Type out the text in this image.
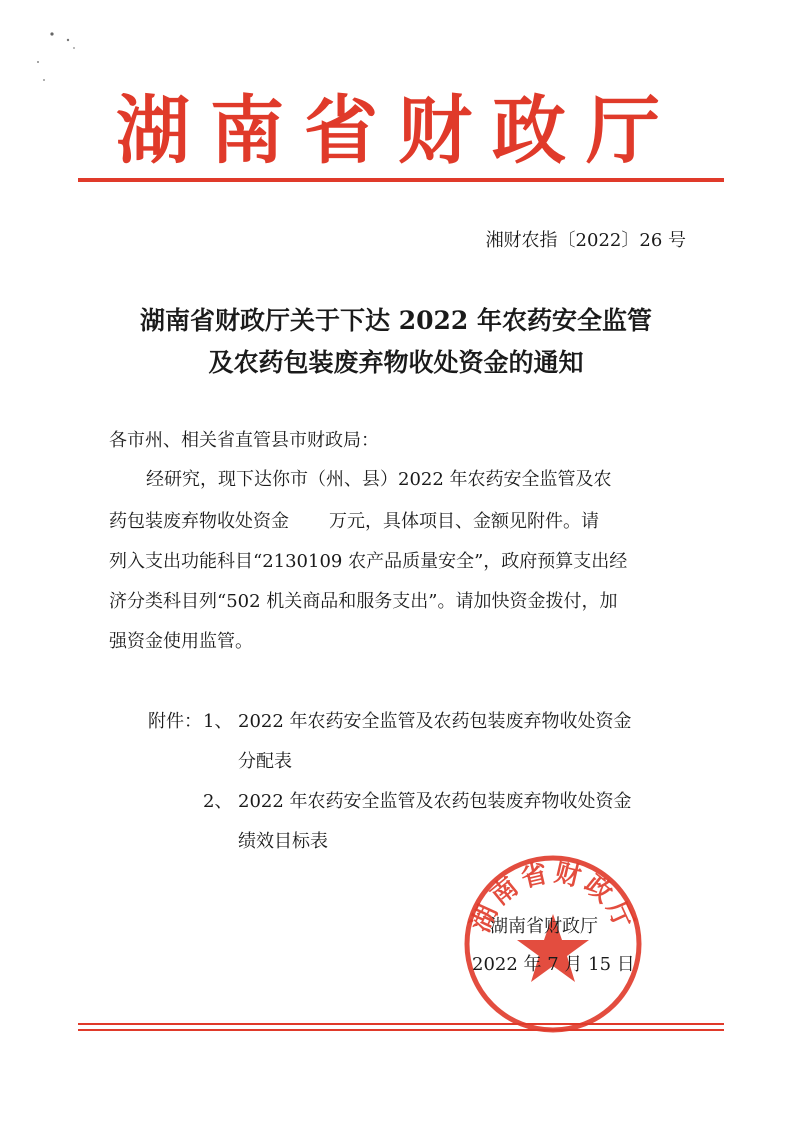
湖南省财政厅
湘财农指〔2022〕26 号
湖南省财政厅关于下达 2022 年农药安全监管
及农药包装废弃物收处资金的通知
各市州、相关省直管县市财政局：
经研究，现下达你市（州、县）2022 年农药安全监管及农
药包装废弃物收处资金 万元，具体项目、金额见附件。请
列入支出功能科目“2130109 农产品质量安全”，政府预算支出经
济分类科目列“502 机关商品和服务支出”。请加快资金拨付，加
强资金使用监管。
附件： 1、 2022 年农药安全监管及农药包装废弃物收处资金
分配表
2、 2022 年农药安全监管及农药包装废弃物收处资金
绩效目标表
湖南省财政厅
湖南省财政厅
2022 年 7 月 15 日
